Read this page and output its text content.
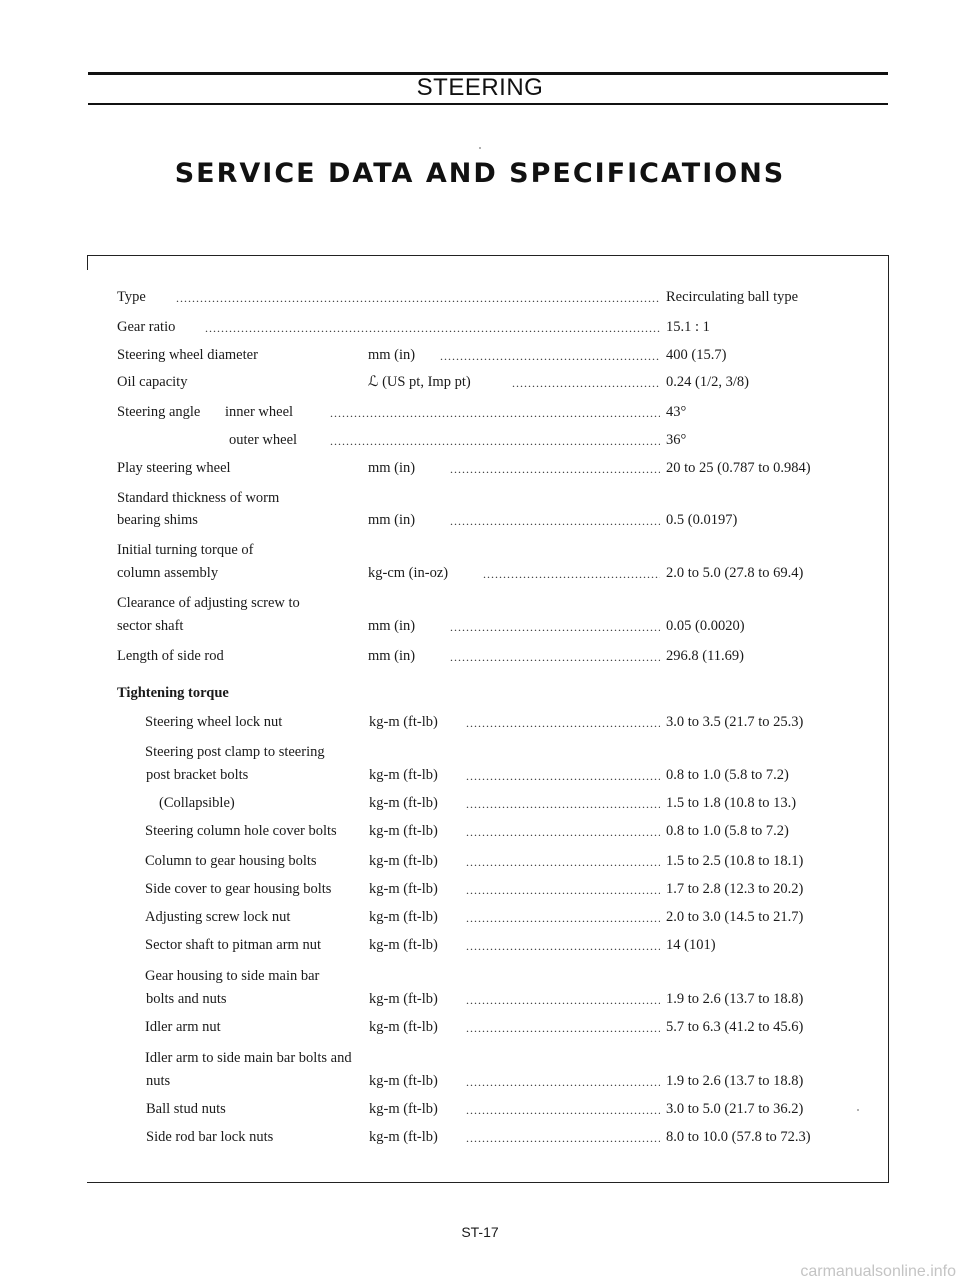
STEERING
SERVICE DATA AND SPECIFICATIONS
Type .....	Recirculating ball type
Gear ratio .....	15.1 : 1
Steering wheel diameter	mm (in) .....	400 (15.7)
Oil capacity	ℒ (US pt, Imp pt) .....	0.24 (1/2, 3/8)
Steering angle inner wheel .....	43°
outer wheel .....	36°
Play steering wheel	mm (in) .....	20 to 25 (0.787 to 0.984)
Standard thickness of worm
bearing shims	mm (in) .....	0.5 (0.0197)
Initial turning torque of
column assembly	kg-cm (in-oz) .....	2.0 to 5.0 (27.8 to 69.4)
Clearance of adjusting screw to
sector shaft	mm (in) .....	0.05 (0.0020)
Length of side rod	mm (in) .....	296.8 (11.69)
Tightening torque
Steering wheel lock nut	kg-m (ft-lb) .....	3.0 to 3.5 (21.7 to 25.3)
Steering post clamp to steering
post bracket bolts	kg-m (ft-lb) .....	0.8 to 1.0 (5.8 to 7.2)
(Collapsible)	kg-m (ft-lb) .....	1.5 to 1.8 (10.8 to 13.)
Steering column hole cover bolts kg-m (ft-lb) .....	0.8 to 1.0 (5.8 to 7.2)
Column to gear housing bolts	kg-m (ft-lb) .....	1.5 to 2.5 (10.8 to 18.1)
Side cover to gear housing bolts	kg-m (ft-lb) .....	1.7 to 2.8 (12.3 to 20.2)
Adjusting screw lock nut	kg-m (ft-lb) .....	2.0 to 3.0 (14.5 to 21.7)
Sector shaft to pitman arm nut	kg-m (ft-lb) .....	14 (101)
Gear housing to side main bar
bolts and nuts	kg-m (ft-lb) .....	1.9 to 2.6 (13.7 to 18.8)
Idler arm nut	kg-m (ft-lb) .....	5.7 to 6.3 (41.2 to 45.6)
Idler arm to side main bar bolts and
nuts	kg-m (ft-lb) .....	1.9 to 2.6 (13.7 to 18.8)
Ball stud nuts	kg-m (ft-lb) .....	3.0 to 5.0 (21.7 to 36.2)
Side rod bar lock nuts	kg-m (ft-lb) .....	8.0 to 10.0 (57.8 to 72.3)
ST-17
carmanualsonline.info
